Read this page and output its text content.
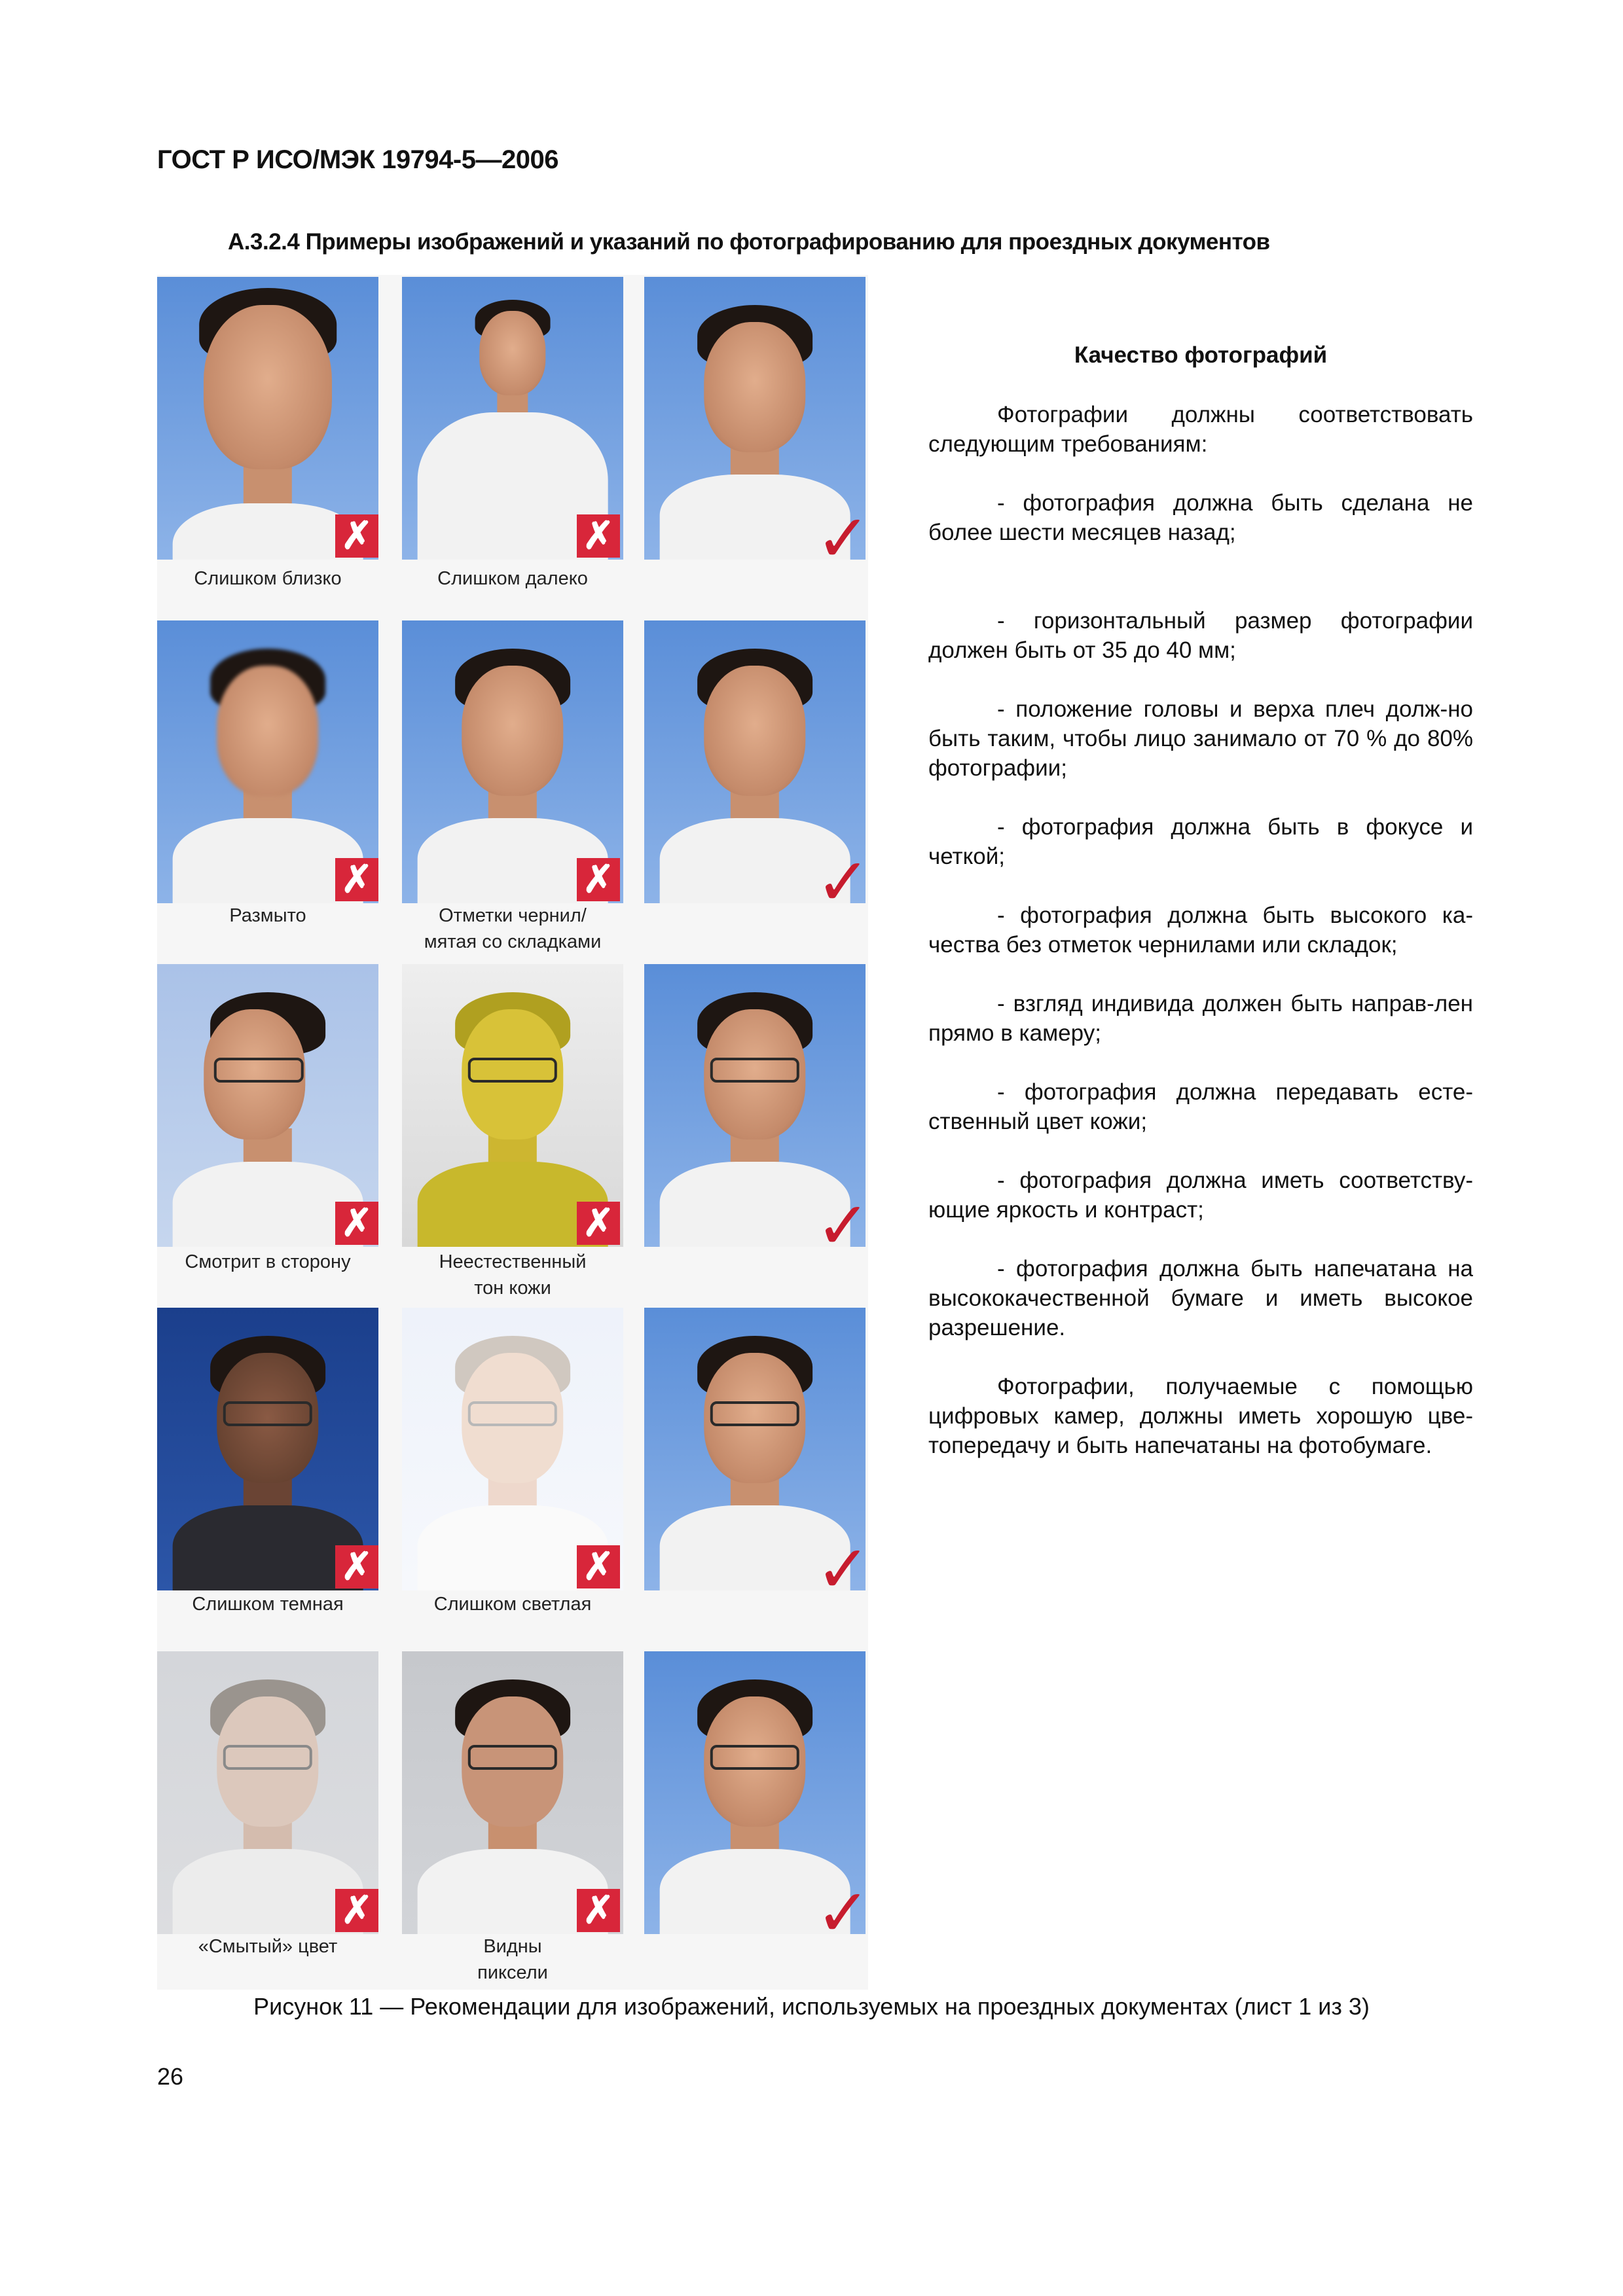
ГОСТ Р ИСО/МЭК 19794-5—2006
А.3.2.4 Примеры изображений и указаний по фотографированию для проездных документов
✗
Слишком близко
✗
Слишком далеко
✓
✗
Размыто
✗
Отметки чернил/
мятая со складками
✓
✗
Смотрит в сторону
✗
Неестественный
тон кожи
✓
✗
Слишком темная
✗
Слишком светлая	✓
✗
«Смытый» цвет
✗
Видны
пиксели
✓
Качество фотографий

Фотографии должны соответствовать следующим требованиям:

- фотография должна быть сделана не более шести месяцев назад;

- горизонтальный размер фотографии должен быть от 35 до 40 мм;

- положение головы и верха плеч долж-но быть таким, чтобы лицо занимало от 70 % до 80% фотографии;

- фотография должна быть в фокусе и четкой;

- фотография должна быть высокого ка-чества без отметок чернилами или складок;

- взгляд индивида должен быть направ-лен прямо в камеру;

- фотография должна передавать есте-ственный цвет кожи;

- фотография должна иметь соответству-ющие яркость и контраст;

- фотография должна быть напечатана на высококачественной бумаге и иметь высокое разрешение.

Фотографии, получаемые с помощью цифровых камер, должны иметь хорошую цве-топередачу и быть напечатаны на фотобумаге.

Рисунок 11 — Рекомендации для изображений, используемых на проездных документах (лист 1 из 3)
26
